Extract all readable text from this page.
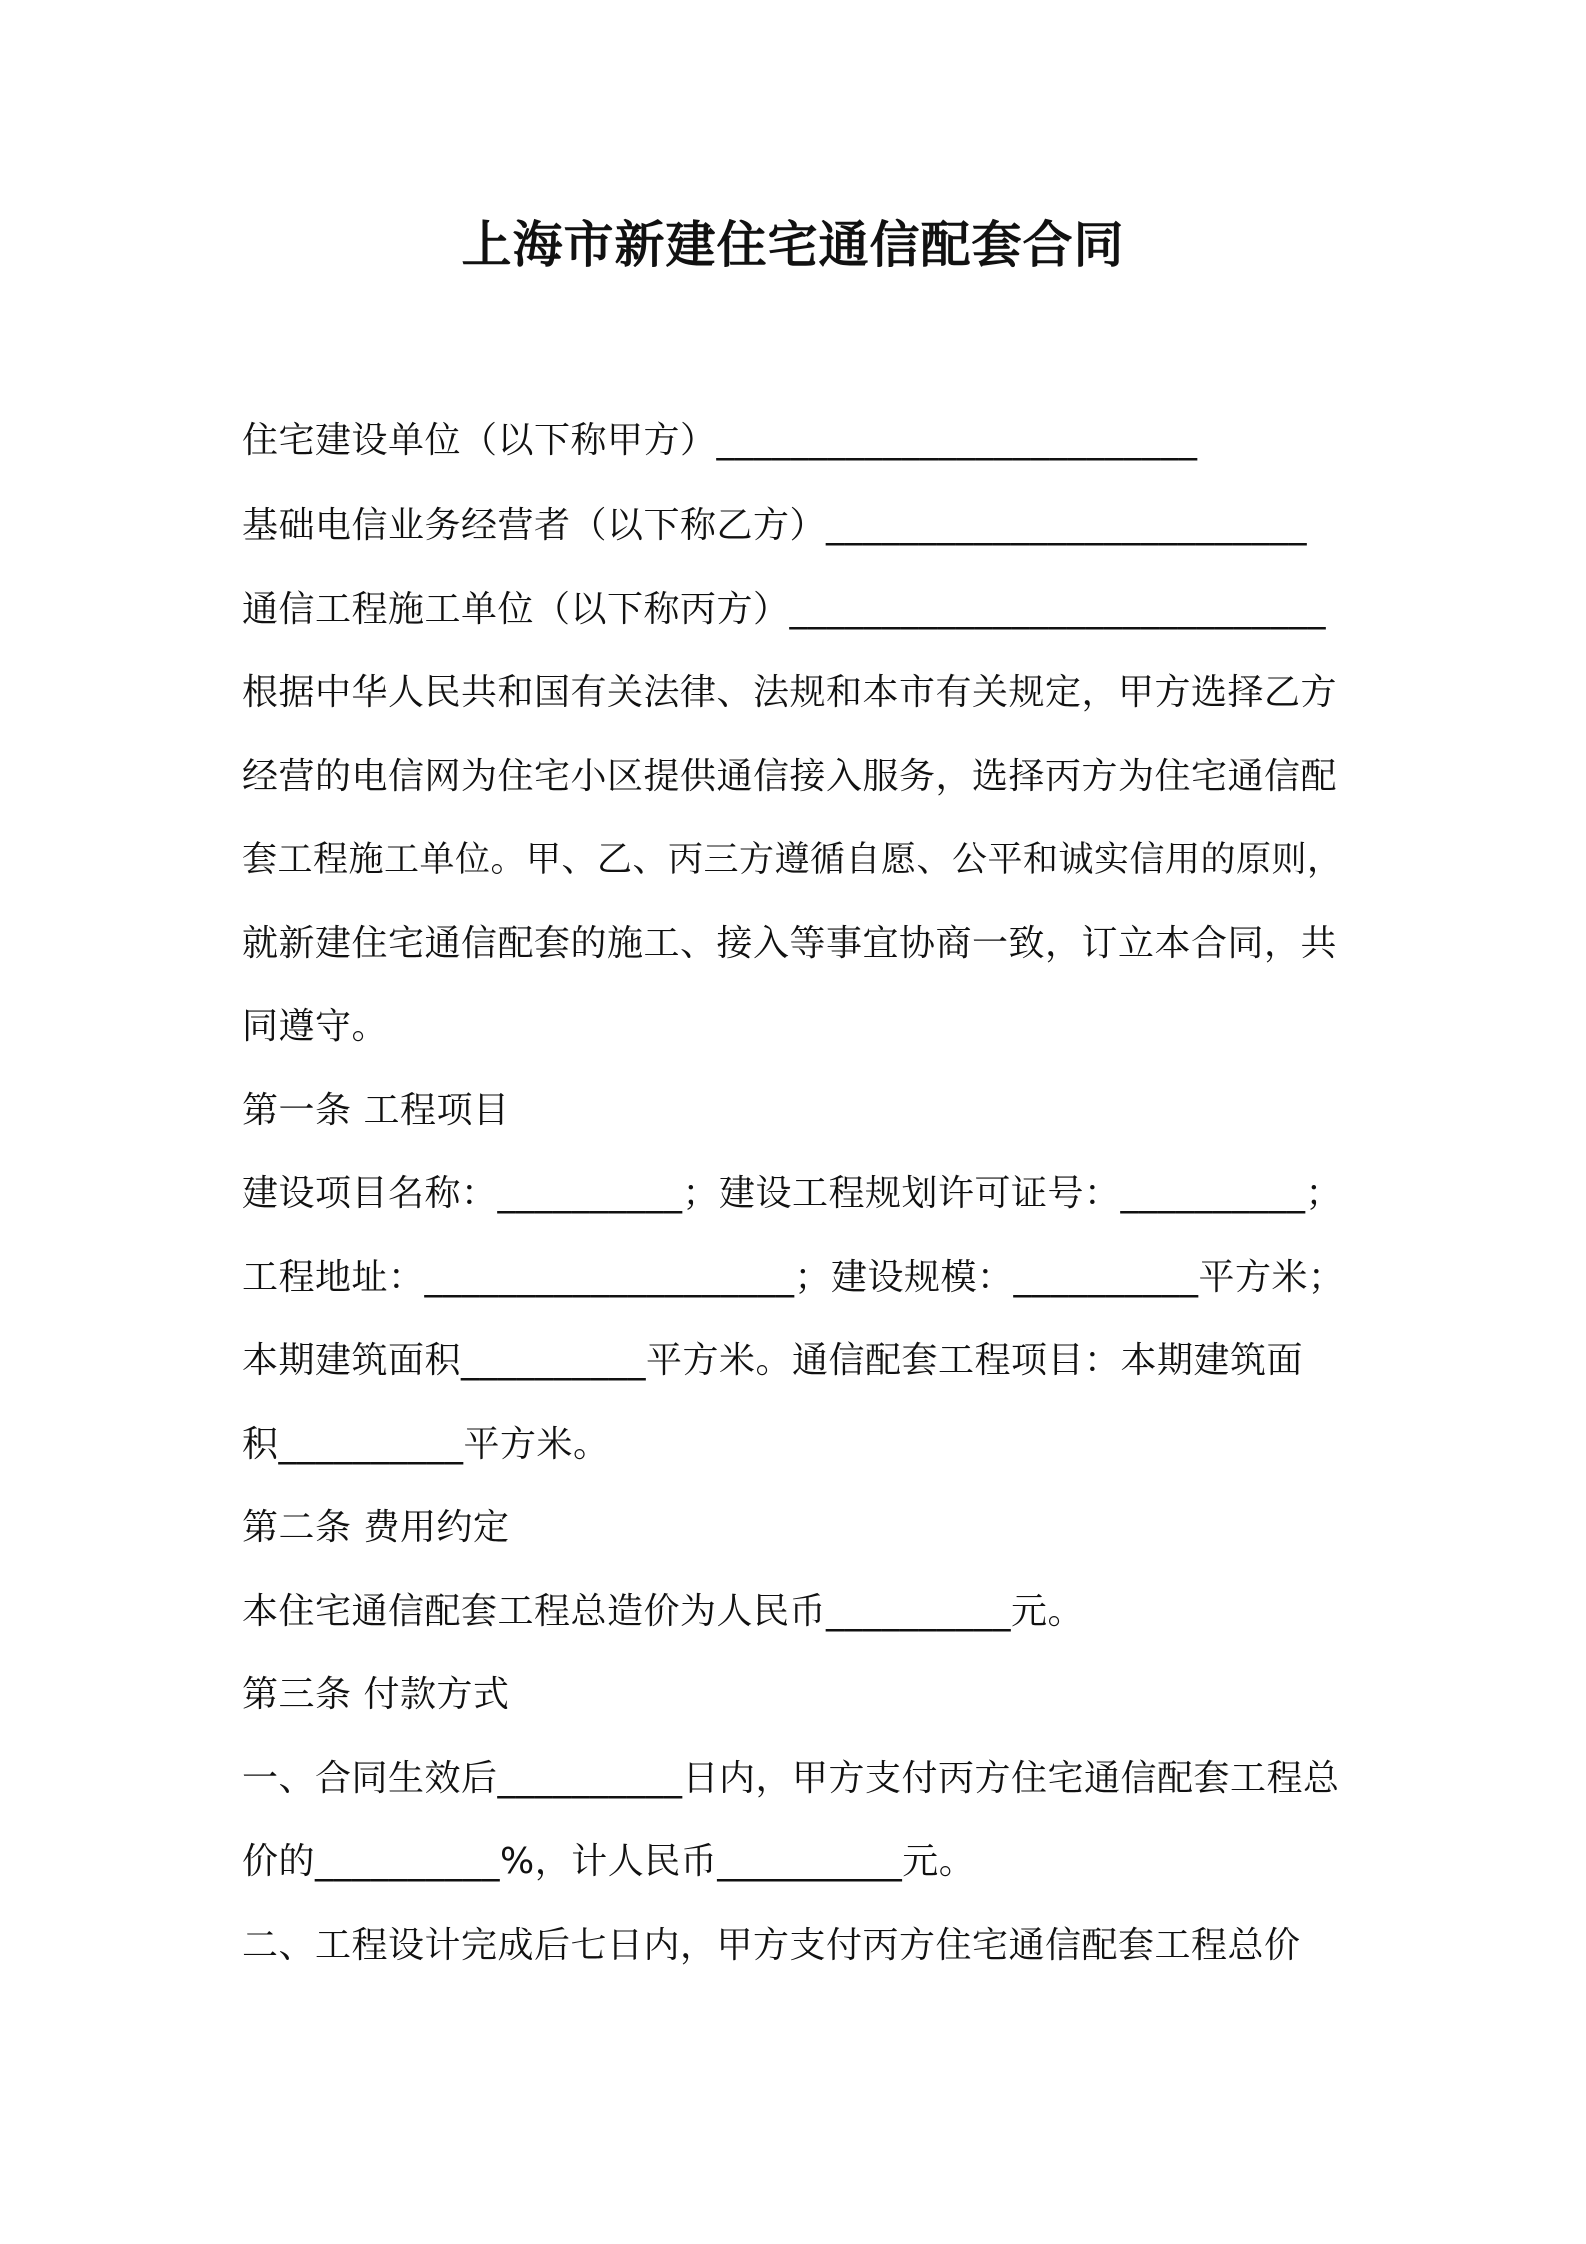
上海市新建住宅通信配套合同
住宅建设单位（以下称甲方）__________________________
基础电信业务经营者（以下称乙方）__________________________
通信工程施工单位（以下称丙方）_____________________________
根据中华人民共和国有关法律、法规和本市有关规定，甲方选择乙方
经营的电信网为住宅小区提供通信接入服务，选择丙方为住宅通信配
套工程施工单位。甲、乙、丙三方遵循自愿、公平和诚实信用的原则，
就新建住宅通信配套的施工、接入等事宜协商一致，订立本合同，共
同遵守。
第一条 工程项目
建设项目名称：__________；建设工程规划许可证号：__________；
工程地址：____________________；建设规模：__________平方米；
本期建筑面积__________平方米。通信配套工程项目：本期建筑面
积__________平方米。
第二条 费用约定
本住宅通信配套工程总造价为人民币__________元。
第三条 付款方式
一、合同生效后__________日内，甲方支付丙方住宅通信配套工程总
价的__________%，计人民币__________元。
二、工程设计完成后七日内，甲方支付丙方住宅通信配套工程总价
